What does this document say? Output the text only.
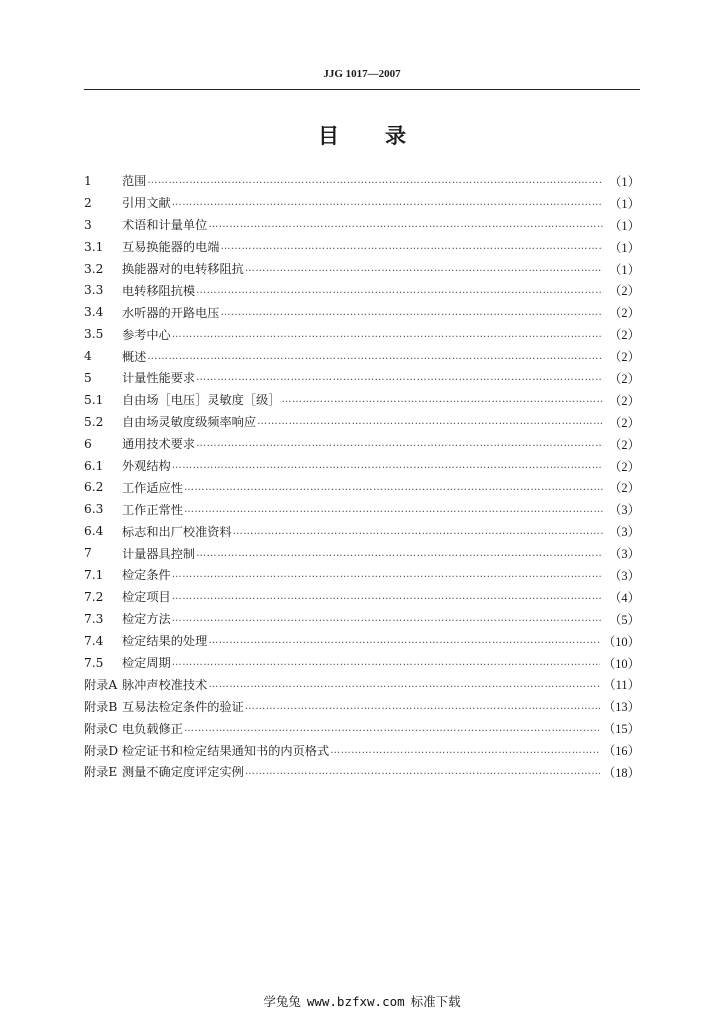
JJG 1017—2007
目录
1	范围 ……………………………………………………………………………………………………………………………………………………………………	（1）
2	引用文献 ……………………………………………………………………………………………………………………………………………………………………	（1）
3	术语和计量单位 ……………………………………………………………………………………………………………………………………………………………………	（1）
3.1	互易换能器的电端 ……………………………………………………………………………………………………………………………………………………………………	（1）
3.2	换能器对的电转移阻抗 ……………………………………………………………………………………………………………………………………………………………………	（1）
3.3	电转移阻抗模 ……………………………………………………………………………………………………………………………………………………………………	（2）
3.4	水听器的开路电压 ……………………………………………………………………………………………………………………………………………………………………	（2）
3.5	参考中心 ……………………………………………………………………………………………………………………………………………………………………	（2）
4	概述 ……………………………………………………………………………………………………………………………………………………………………	（2）
5	计量性能要求 ……………………………………………………………………………………………………………………………………………………………………	（2）
5.1	自由场［电压］灵敏度［级］ ……………………………………………………………………………………………………………………………………………………………………	（2）
5.2	自由场灵敏度级频率响应 ……………………………………………………………………………………………………………………………………………………………………	（2）
6	通用技术要求 ……………………………………………………………………………………………………………………………………………………………………	（2）
6.1	外观结构 ……………………………………………………………………………………………………………………………………………………………………	（2）
6.2	工作适应性 ……………………………………………………………………………………………………………………………………………………………………	（2）
6.3	工作正常性 ……………………………………………………………………………………………………………………………………………………………………	（3）
6.4	标志和出厂校准资料 ……………………………………………………………………………………………………………………………………………………………………	（3）
7	计量器具控制 ……………………………………………………………………………………………………………………………………………………………………	（3）
7.1	检定条件 ……………………………………………………………………………………………………………………………………………………………………	（3）
7.2	检定项目 ……………………………………………………………………………………………………………………………………………………………………	（4）
7.3	检定方法 ……………………………………………………………………………………………………………………………………………………………………	（5）
7.4	检定结果的处理 ……………………………………………………………………………………………………………………………………………………………………	（10）
7.5	检定周期 ……………………………………………………………………………………………………………………………………………………………………	（10）
附录A 脉冲声校准技术 ……………………………………………………………………………………………………………………………………………………………………	（11）
附录B 互易法检定条件的验证 ……………………………………………………………………………………………………………………………………………………………………	（13）
附录C 电负载修正 ……………………………………………………………………………………………………………………………………………………………………	（15）
附录D 检定证书和检定结果通知书的内页格式 ……………………………………………………………………………………………………………………………………………………………………	（16）
附录E 测量不确定度评定实例 ……………………………………………………………………………………………………………………………………………………………………	（18）
学兔兔 www.bzfxw.com 标准下载
